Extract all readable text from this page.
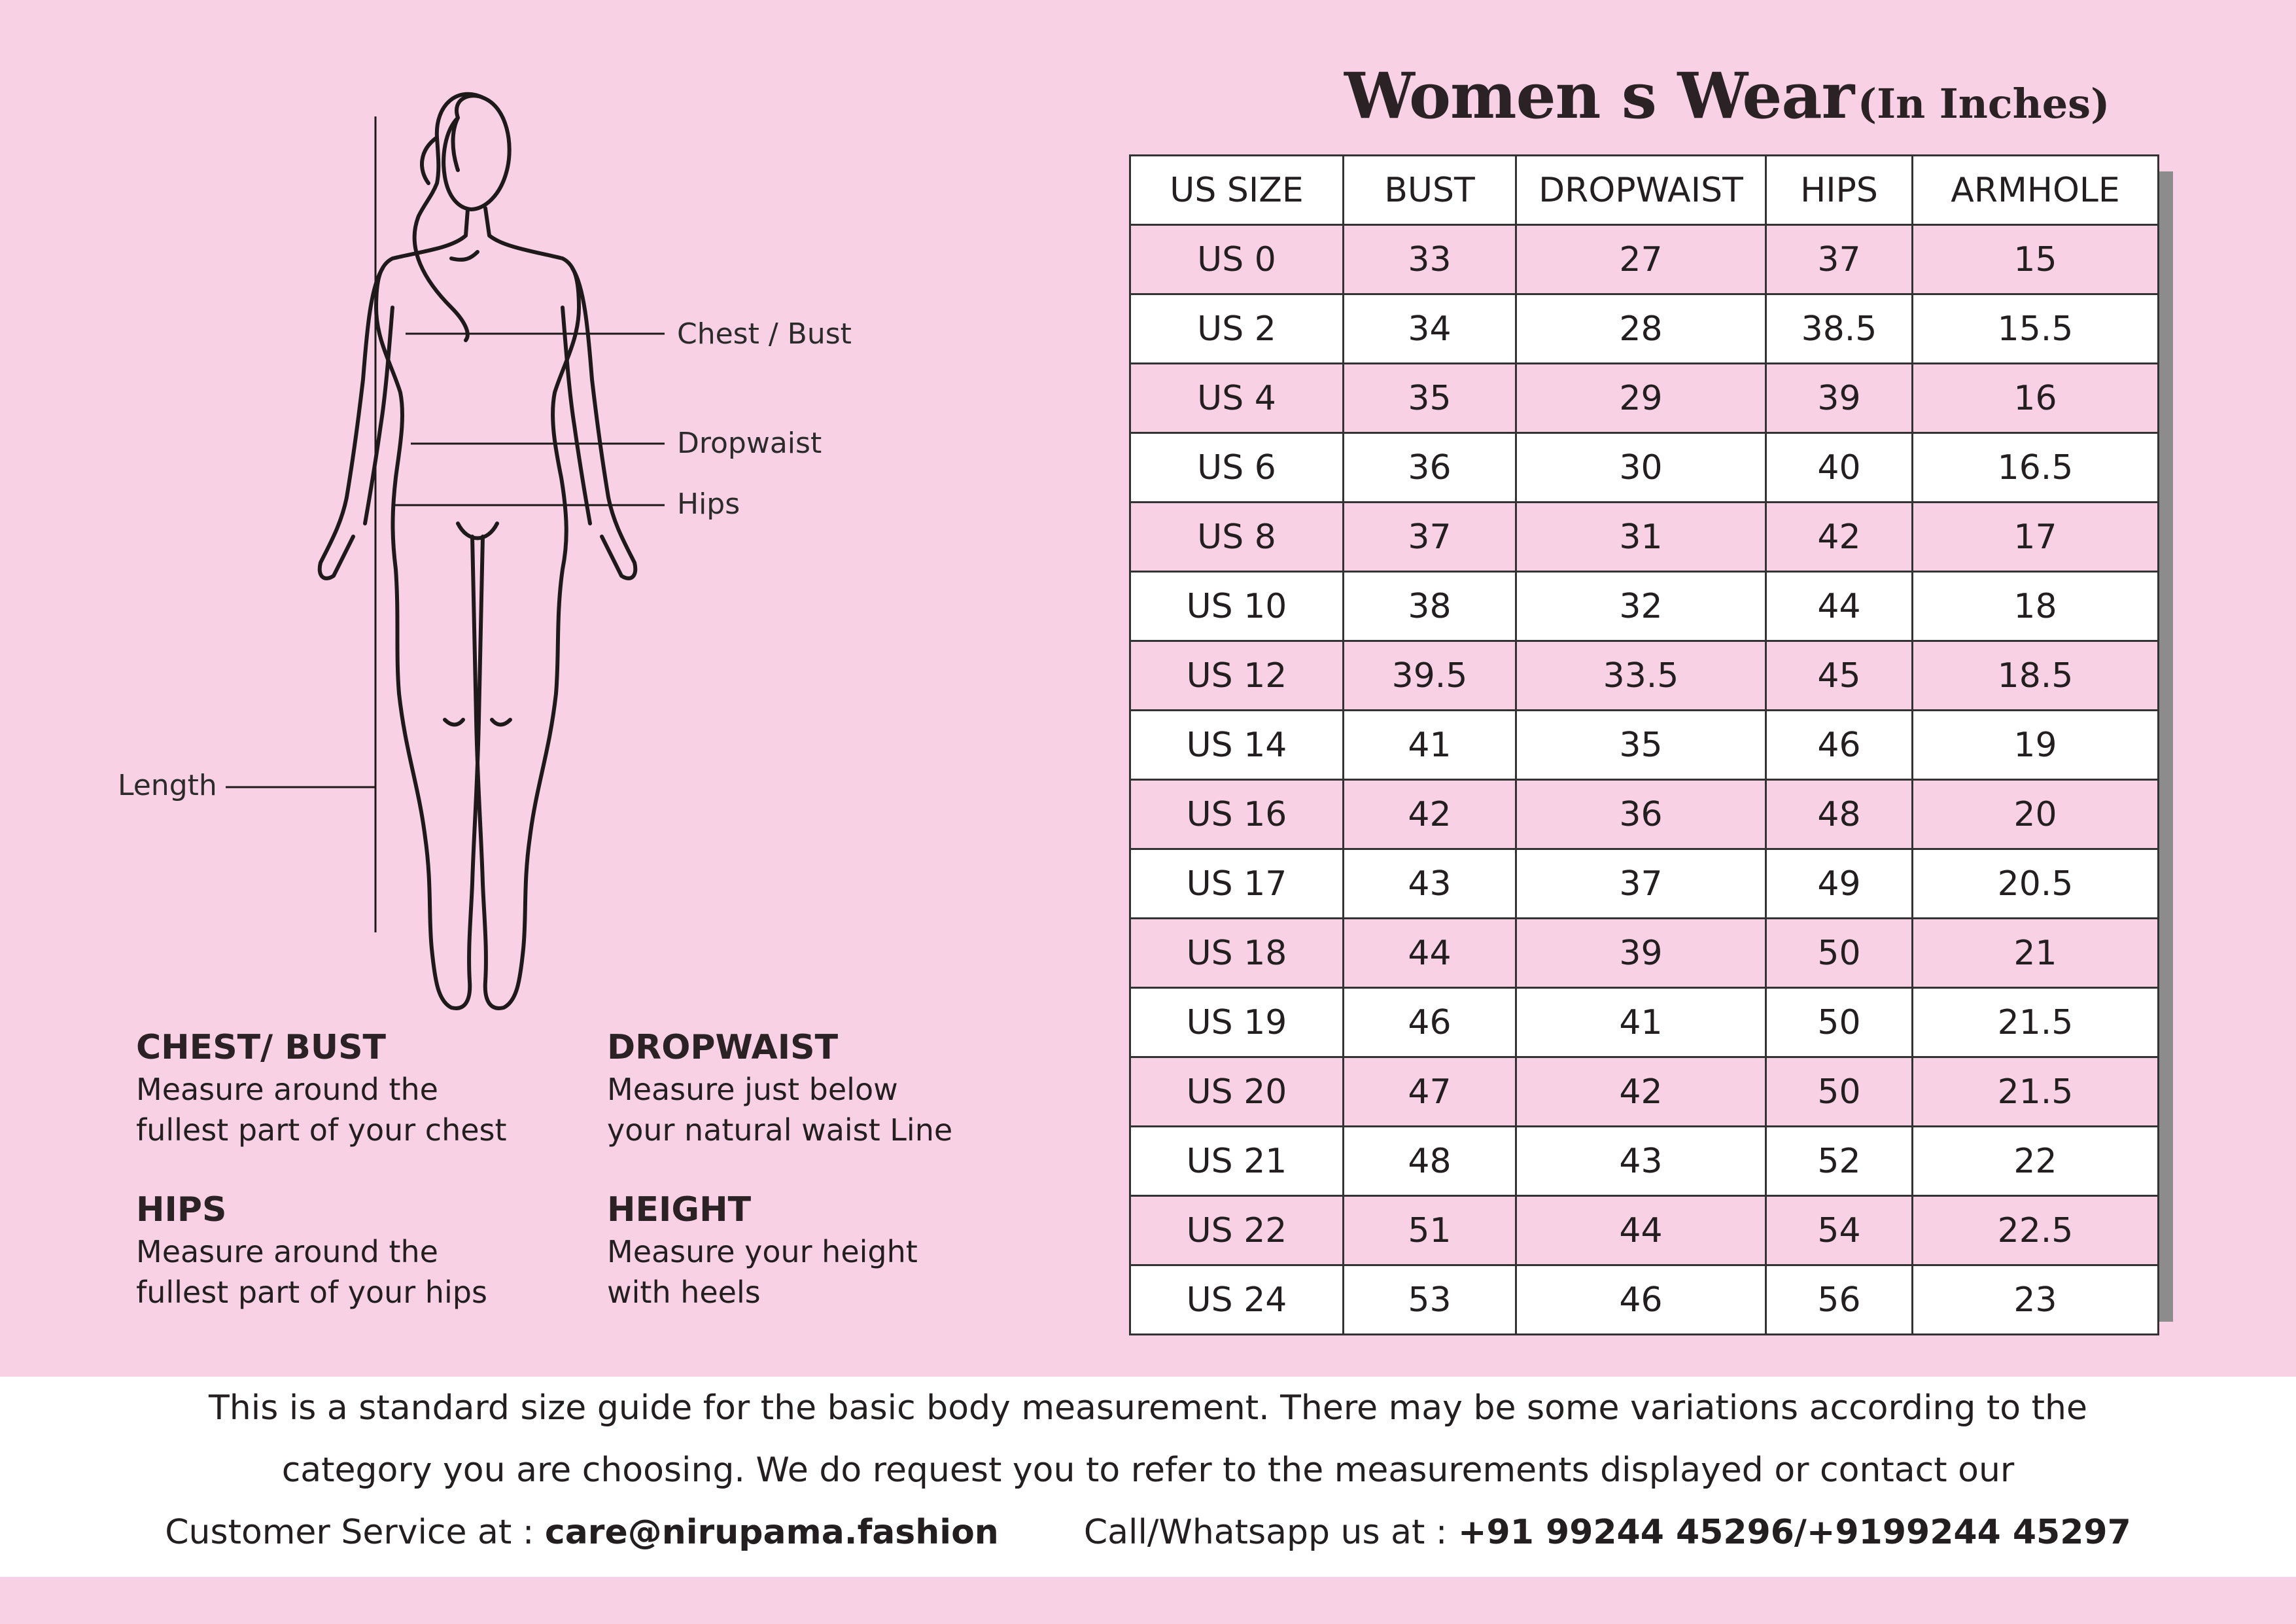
Chest / Bust
Dropwaist
Hips
Length
CHEST/ BUST

Measure around the
fullest part of your chest

DROPWAIST

Measure just below
your natural waist Line

HIPS

Measure around the
fullest part of your hips

HEIGHT

Measure your height
with heels

Women s Wear (In Inches)
US SIZE	BUST	DROPWAIST	HIPS	ARMHOLE
US 0	33	27	37	15
US 2	34	28	38.5	15.5
US 4	35	29	39	16
US 6	36	30	40	16.5
US 8	37	31	42	17
US 10	38	32	44	18
US 12	39.5	33.5	45	18.5
US 14	41	35	46	19
US 16	42	36	48	20
US 17	43	37	49	20.5
US 18	44	39	50	21
US 19	46	41	50	21.5
US 20	47	42	50	21.5
US 21	48	43	52	22
US 22	51	44	54	22.5
US 24	53	46	56	23
This is a standard size guide for the basic body measurement. There may be some variations according to the
category you are choosing. We do request you to refer to the measurements displayed or contact our
Customer Service at : care@nirupama.fashion	Call/Whatsapp us at : +91 99244 45296/+9199244 45297
